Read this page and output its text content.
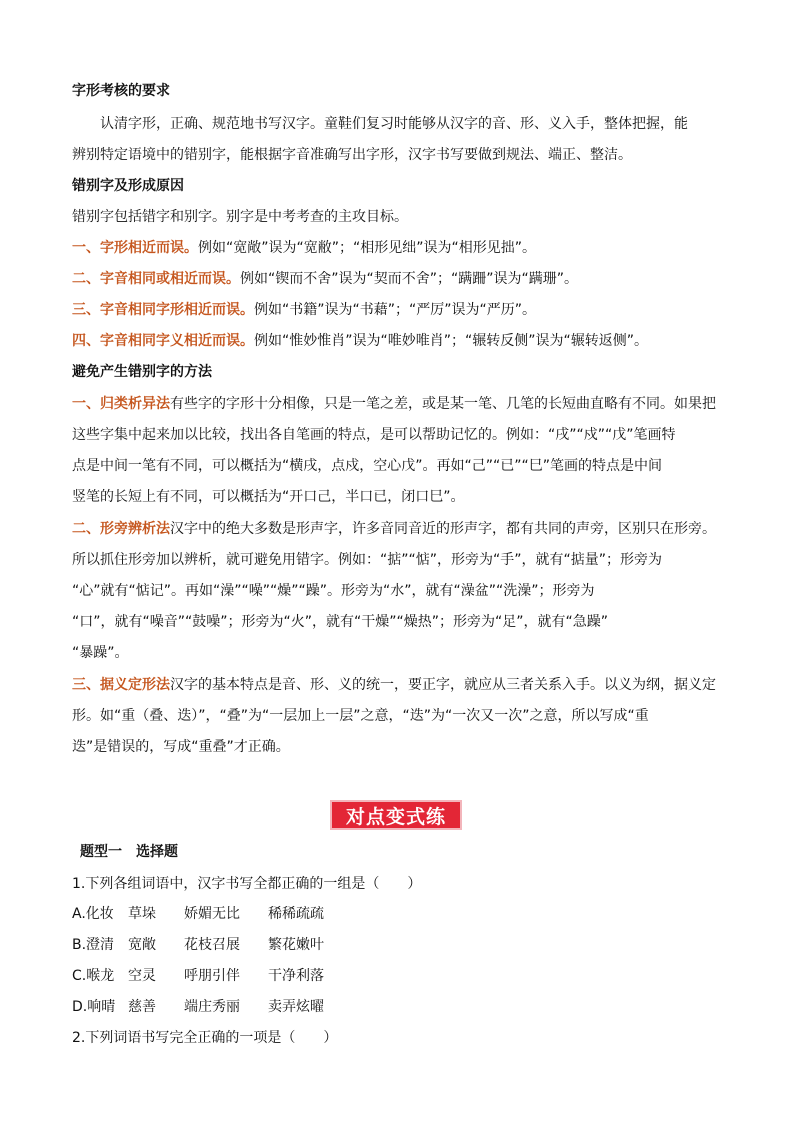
字形考核的要求
认清字形，正确、规范地书写汉字。童鞋们复习时能够从汉字的音、形、义入手，整体把握，能
辨别特定语境中的错别字，能根据字音准确写出字形，汉字书写要做到规法、端正、整洁。
错别字及形成原因
错别字包括错字和别字。别字是中考考查的主攻目标。
一、字形相近而误。例如“宽敞”误为“宽敝”；“相形见绌”误为“相形见拙”。
二、字音相同或相近而误。例如“锲而不舍”误为“契而不舍”；“蹒跚”误为“蹒珊”。
三、字音相同字形相近而误。例如“书籍”误为“书藉”；“严厉”误为“严历”。
四、字音相同字义相近而误。例如“惟妙惟肖”误为“唯妙唯肖”；“辗转反侧”误为“辗转返侧”。
避免产生错别字的方法
一、归类析异法有些字的字形十分相像，只是一笔之差，或是某一笔、几笔的长短曲直略有不同。如果把
这些字集中起来加以比较，找出各自笔画的特点，是可以帮助记忆的。例如：“戌”“戍”“戊”笔画特
点是中间一笔有不同，可以概括为“横戌，点戍，空心戊”。再如“己”“已”“巳”笔画的特点是中间
竖笔的长短上有不同，可以概括为“开口己，半口已，闭口巳”。
二、形旁辨析法汉字中的绝大多数是形声字，许多音同音近的形声字，都有共同的声旁，区别只在形旁。
所以抓住形旁加以辨析，就可避免用错字。例如：“掂”“惦”，形旁为“手”，就有“掂量”；形旁为
“心”就有“惦记”。再如“澡”“噪”“燥”“躁”。形旁为“水”，就有“澡盆”“洗澡”；形旁为
“口”，就有“噪音”“鼓噪”；形旁为“火”，就有“干燥”“燥热”；形旁为“足”，就有“急躁”
“暴躁”。
三、据义定形法汉字的基本特点是音、形、义的统一，要正字，就应从三者关系入手。以义为纲，据义定
形。如“重（叠、迭）”，“叠”为“一层加上一层”之意，“迭”为“一次又一次”之意，所以写成“重
迭”是错误的，写成“重叠”才正确。
对点变式练
题型一　选择题
1.下列各组词语中，汉字书写全都正确的一组是（　　）
A.化妆 草垛 娇媚无比 稀稀疏疏
B.澄清 宽敞 花枝召展 繁花嫩叶
C.喉龙 空灵 呼朋引伴 干净利落
D.响晴 慈善 端庄秀丽 卖弄炫曜
2.下列词语书写完全正确的一项是（　　）
